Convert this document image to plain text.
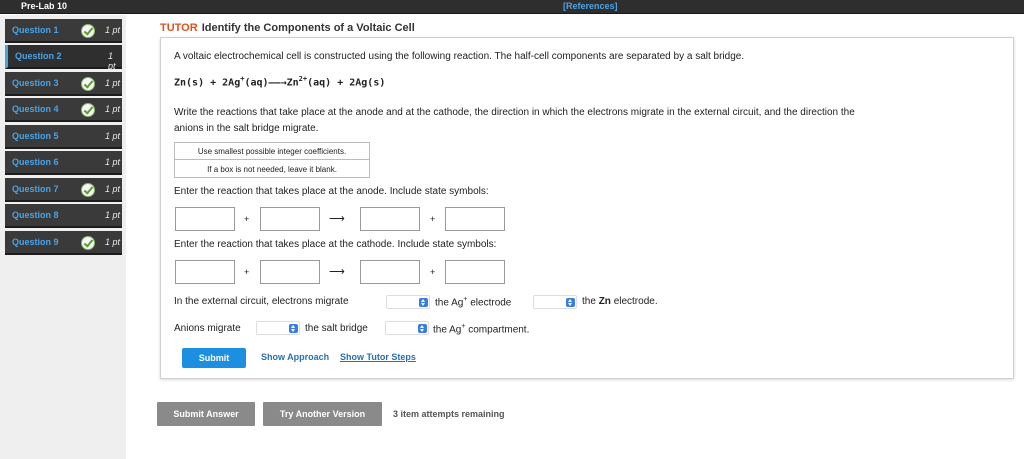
Pre-Lab 10	[References]
Question 1	1 pt
Question 2	1 pt
Question 3	1 pt
Question 4	1 pt
Question 5	1 pt
Question 6	1 pt
Question 7	1 pt
Question 8	1 pt
Question 9	1 pt
TUTOR Identify the Components of a Voltaic Cell
A voltaic electrochemical cell is constructed using the following reaction. The half-cell components are separated by a salt bridge.
$Zn(s) + 2Ag^+(aq)——\to Zn^{2+}(aq) + 2Ag(s)$
Write the reactions that take place at the anode and at the cathode, the direction in which the electrons migrate in the external circuit, and the direction the
anions in the salt bridge migrate.
Use smallest possible integer coefficients.
If a box is not needed, leave it blank.
Enter the reaction that takes place at the anode. Include state symbols:
+	⟶	+
Enter the reaction that takes place at the cathode. Include state symbols:
+	⟶	+
In the external circuit, electrons migrate	the Ag+ electrode	the Zn electrode.
Anions migrate	the salt bridge	the Ag+ compartment.
Submit	Show Approach Show Tutor Steps
Submit Answer	Try Another Version	3 item attempts remaining
